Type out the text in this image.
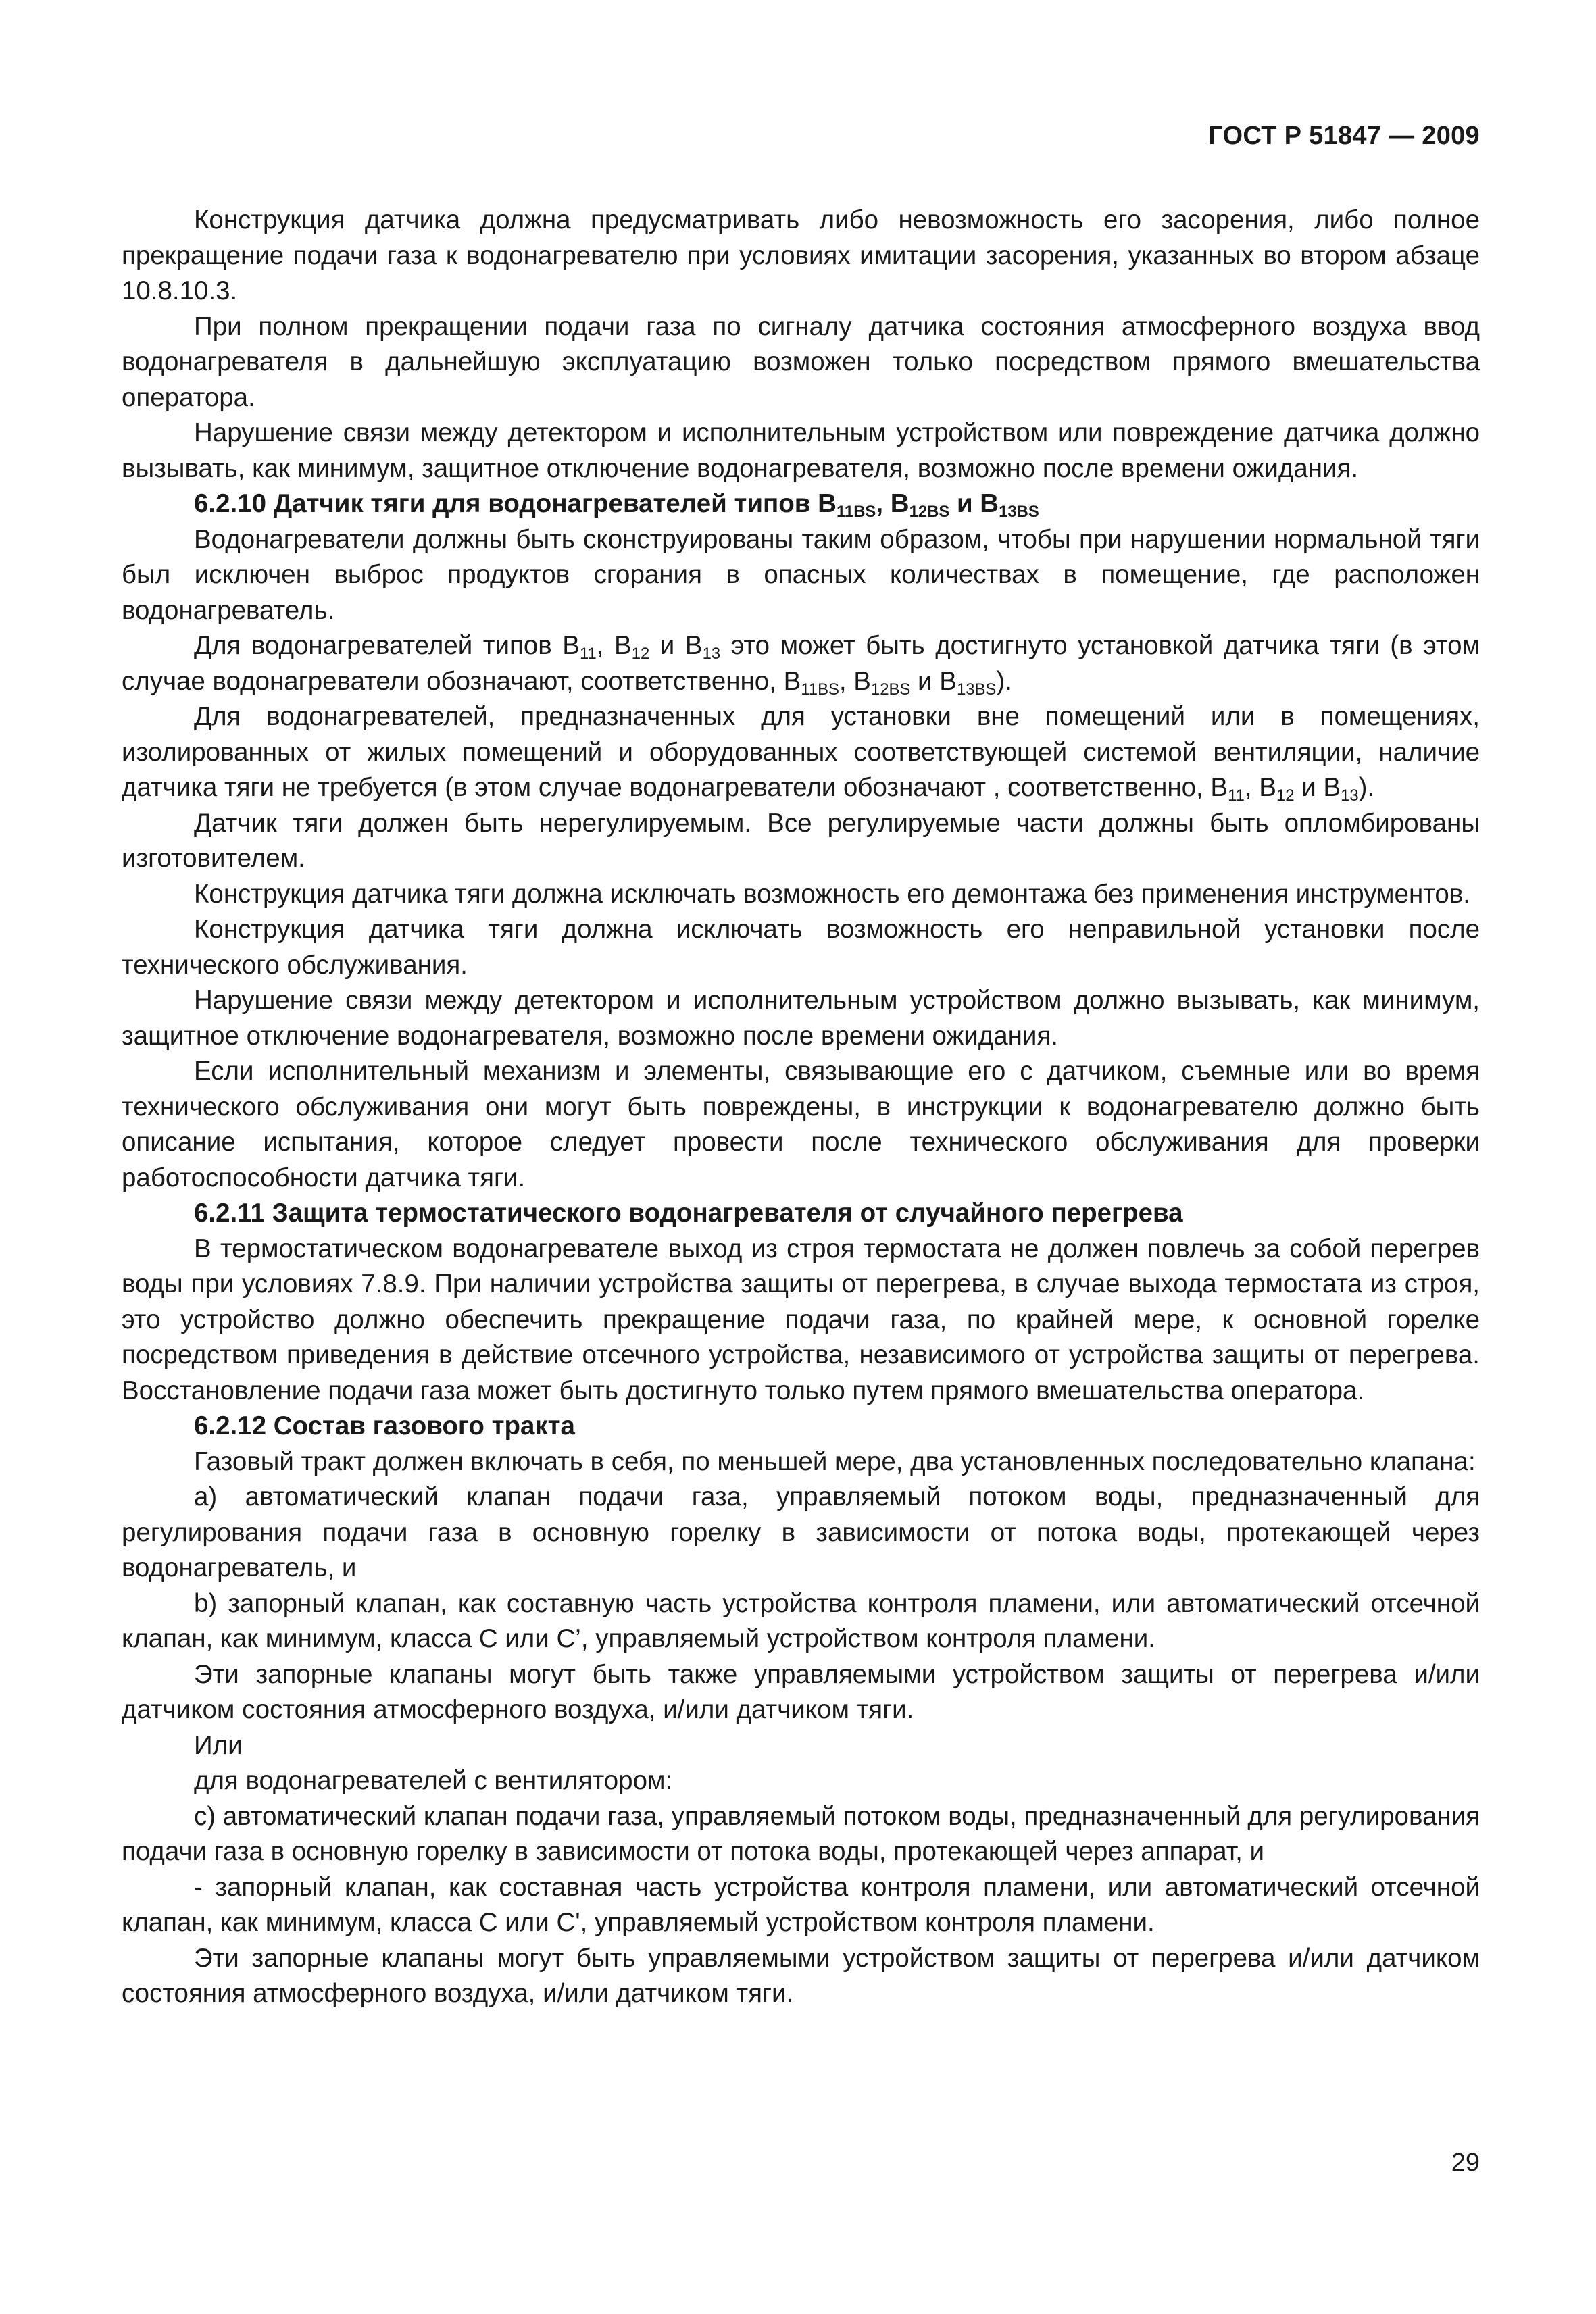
ГОСТ Р 51847 — 2009

Конструкция датчика должна предусматривать либо невозможность его засорения, либо полное прекращение подачи газа к водонагревателю при условиях имитации засорения, указанных во втором абзаце 10.8.10.3.

При полном прекращении подачи газа по сигналу датчика состояния атмосферного воздуха ввод водонагревателя в дальнейшую эксплуатацию возможен только посредством прямого вмешательства оператора.

Нарушение связи между детектором и исполнительным устройством или повреждение датчика должно вызывать, как минимум, защитное отключение водонагревателя, возможно после времени ожидания.

6.2.10 Датчик тяги для водонагревателей типов $B_{11BS}$, $B_{12BS}$ и $B_{13BS}$

Водонагреватели должны быть сконструированы таким образом, чтобы при нарушении нормальной тяги был исключен выброс продуктов сгорания в опасных количествах в помещение, где расположен водонагреватель.

Для водонагревателей типов $B_{11}$, $B_{12}$ и $B_{13}$ это может быть достигнуто установкой датчика тяги (в этом случае водонагреватели обозначают, соответственно, $B_{11BS}$, $B_{12BS}$ и $B_{13BS}$).

Для водонагревателей, предназначенных для установки вне помещений или в помещениях, изолированных от жилых помещений и оборудованных соответствующей системой вентиляции, наличие датчика тяги не требуется (в этом случае водонагреватели обозначают , соответственно, $B_{11}$, $B_{12}$ и $B_{13}$).

Датчик тяги должен быть нерегулируемым. Все регулируемые части должны быть опломбированы изготовителем.

Конструкция датчика тяги должна исключать возможность его демонтажа без применения инструментов.

Конструкция датчика тяги должна исключать возможность его неправильной установки после технического обслуживания.

Нарушение связи между детектором и исполнительным устройством должно вызывать, как минимум, защитное отключение водонагревателя, возможно после времени ожидания.

Если исполнительный механизм и элементы, связывающие его с датчиком, съемные или во время технического обслуживания они могут быть повреждены, в инструкции к водонагревателю должно быть описание испытания, которое следует провести после технического обслуживания для проверки работоспособности датчика тяги.

6.2.11 Защита термостатического водонагревателя от случайного перегрева

В термостатическом водонагревателе выход из строя термостата не должен повлечь за собой перегрев воды при условиях 7.8.9. При наличии устройства защиты от перегрева, в случае выхода термостата из строя, это устройство должно обеспечить прекращение подачи газа, по крайней мере, к основной горелке посредством приведения в действие отсечного устройства, независимого от устройства защиты от перегрева. Восстановление подачи газа может быть достигнуто только путем прямого вмешательства оператора.

6.2.12 Состав газового тракта

Газовый тракт должен включать в себя, по меньшей мере, два установленных последовательно клапана:

а) автоматический клапан подачи газа, управляемый потоком воды, предназначенный для регулирования подачи газа в основную горелку в зависимости от потока воды, протекающей через водонагреватель, и

b) запорный клапан, как составную часть устройства контроля пламени, или автоматический отсечной клапан, как минимум, класса С или С’, управляемый устройством контроля пламени.

Эти запорные клапаны могут быть также управляемыми устройством защиты от перегрева и/или датчиком состояния атмосферного воздуха, и/или датчиком тяги.

Или

для водонагревателей с вентилятором:

с) автоматический клапан подачи газа, управляемый потоком воды, предназначенный для регулирования подачи газа в основную горелку в зависимости от потока воды, протекающей через аппарат, и

- запорный клапан, как составная часть устройства контроля пламени, или автоматический отсечной клапан, как минимум, класса С или С', управляемый устройством контроля пламени.

Эти запорные клапаны могут быть управляемыми устройством защиты от перегрева и/или датчиком состояния атмосферного воздуха, и/или датчиком тяги.

29
